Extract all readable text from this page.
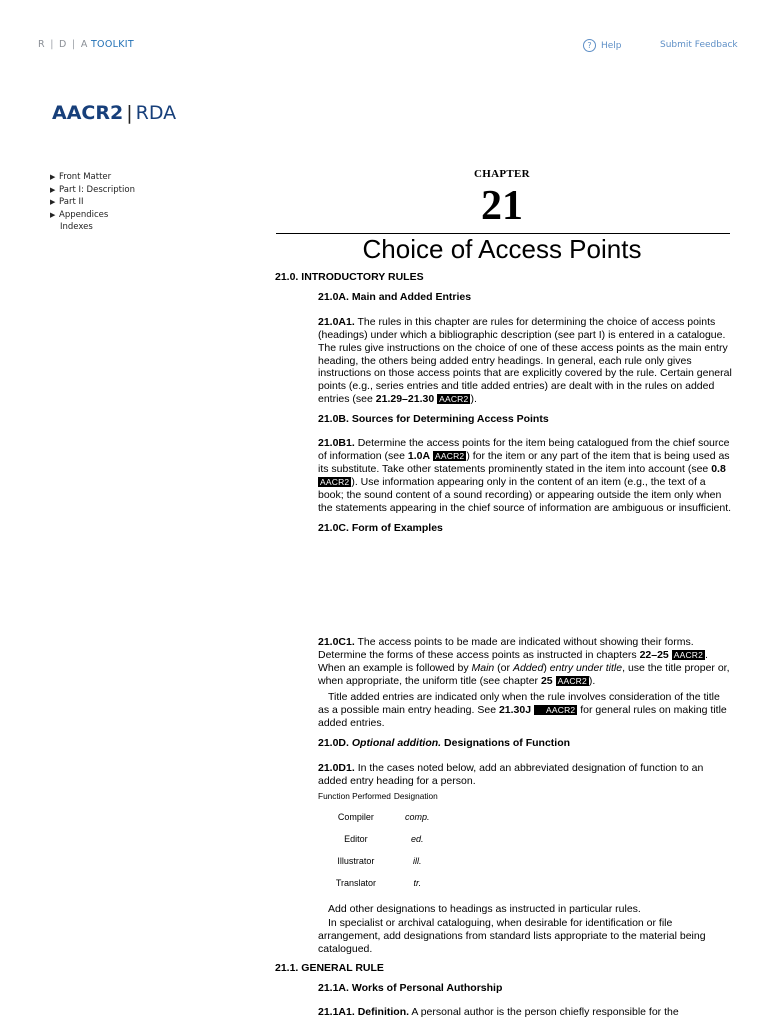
R | D | A TOOLKIT	?	Help	Submit Feedback
AACR2 | RDA
▶ Front Matter
▶ Part I: Description
▶ Part II
▶ Appendices
Indexes
CHAPTER
21
Choice of Access Points
21.0. INTRODUCTORY RULES
21.0A. Main and Added Entries
21.0A1. The rules in this chapter are rules for determining the choice of access points (headings) under which a bibliographic description (see part I) is entered in a catalogue. The rules give instructions on the choice of one of these access points as the main entry heading, the others being added entry headings. In general, each rule only gives instructions on those access points that are explicitly covered by the rule. Certain general points (e.g., series entries and title added entries) are dealt with in the rules on added entries (see 21.29–21.30 AACR2 ).
21.0B. Sources for Determining Access Points
21.0B1. Determine the access points for the item being catalogued from the chief source of information (see 1.0A AACR2 ) for the item or any part of the item that is being used as its substitute. Take other statements prominently stated in the item into account (see 0.8 AACR2 ). Use information appearing only in the content of an item (e.g., the text of a book; the sound content of a sound recording) or appearing outside the item only when the statements appearing in the chief source of information are ambiguous or insufficient.
21.0C. Form of Examples
21.0C1. The access points to be made are indicated without showing their forms. Determine the forms of these access points as instructed in chapters 22–25 AACR2 . When an example is followed by Main (or Added) entry under title, use the title proper or, when appropriate, the uniform title (see chapter 25 AACR2 ).
Title added entries are indicated only when the rule involves consideration of the title as a possible main entry heading. See 21.30J AACR2 for general rules on making title added entries.
21.0D. Optional addition. Designations of Function
21.0D1. In the cases noted below, add an abbreviated designation of function to an added entry heading for a person.
Function Performed	Designation
Compiler	comp.
Editor	ed.
Illustrator	ill.
Translator	tr.
Add other designations to headings as instructed in particular rules.
In specialist or archival cataloguing, when desirable for identification or file arrangement, add designations from standard lists appropriate to the material being catalogued.
21.1. GENERAL RULE
21.1A. Works of Personal Authorship
21.1A1. Definition. A personal author is the person chiefly responsible for the
